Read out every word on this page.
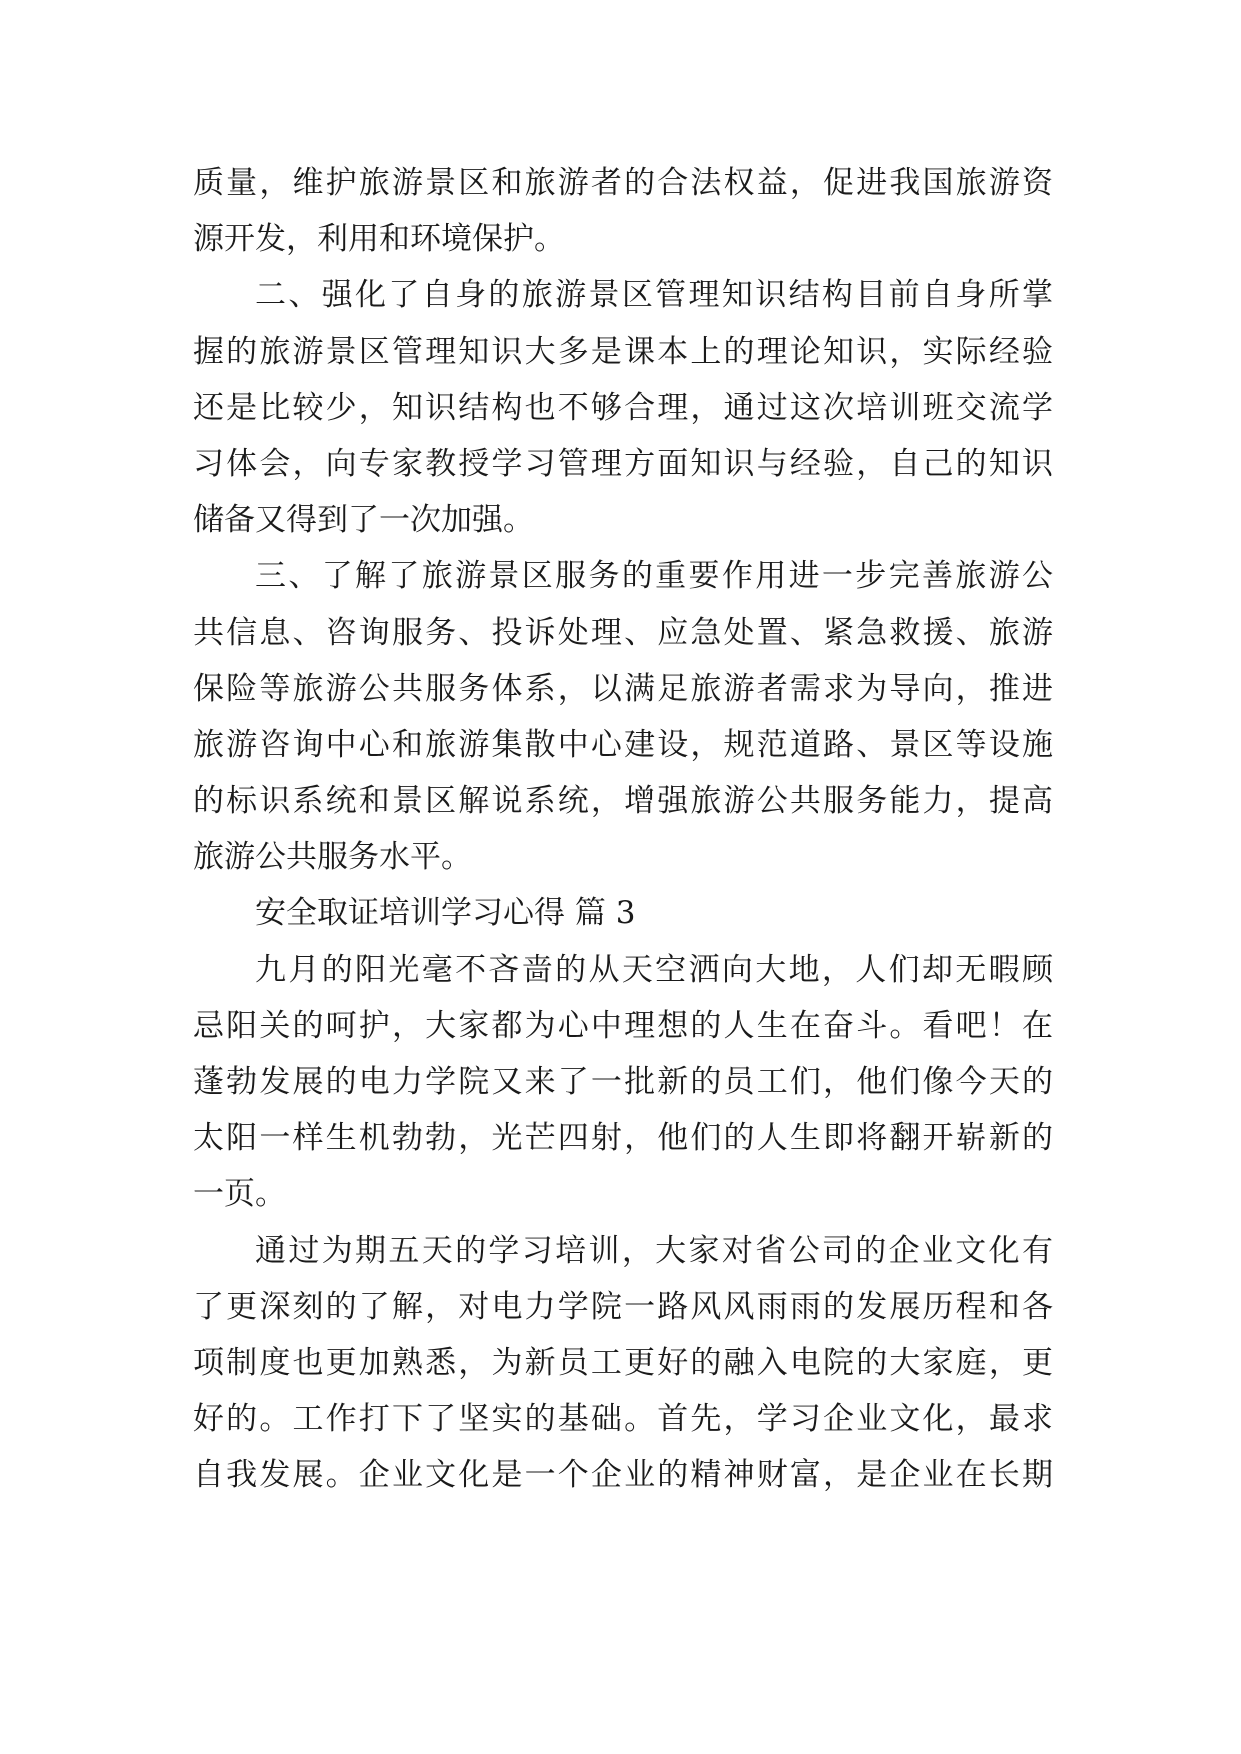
质量，维护旅游景区和旅游者的合法权益，促进我国旅游资
源开发，利用和环境保护。
二、强化了自身的旅游景区管理知识结构目前自身所掌
握的旅游景区管理知识大多是课本上的理论知识，实际经验
还是比较少，知识结构也不够合理，通过这次培训班交流学
习体会，向专家教授学习管理方面知识与经验，自己的知识
储备又得到了一次加强。
三、了解了旅游景区服务的重要作用进一步完善旅游公
共信息、咨询服务、投诉处理、应急处置、紧急救援、旅游
保险等旅游公共服务体系，以满足旅游者需求为导向，推进
旅游咨询中心和旅游集散中心建设，规范道路、景区等设施
的标识系统和景区解说系统，增强旅游公共服务能力，提高
旅游公共服务水平。
安全取证培训学习心得 篇 3
九月的阳光毫不吝啬的从天空洒向大地，人们却无暇顾
忌阳关的呵护，大家都为心中理想的人生在奋斗。看吧！在
蓬勃发展的电力学院又来了一批新的员工们，他们像今天的
太阳一样生机勃勃，光芒四射，他们的人生即将翻开崭新的
一页。
通过为期五天的学习培训，大家对省公司的企业文化有
了更深刻的了解，对电力学院一路风风雨雨的发展历程和各
项制度也更加熟悉，为新员工更好的融入电院的大家庭，更
好的。工作打下了坚实的基础。首先，学习企业文化，最求
自我发展。企业文化是一个企业的精神财富，是企业在长期
